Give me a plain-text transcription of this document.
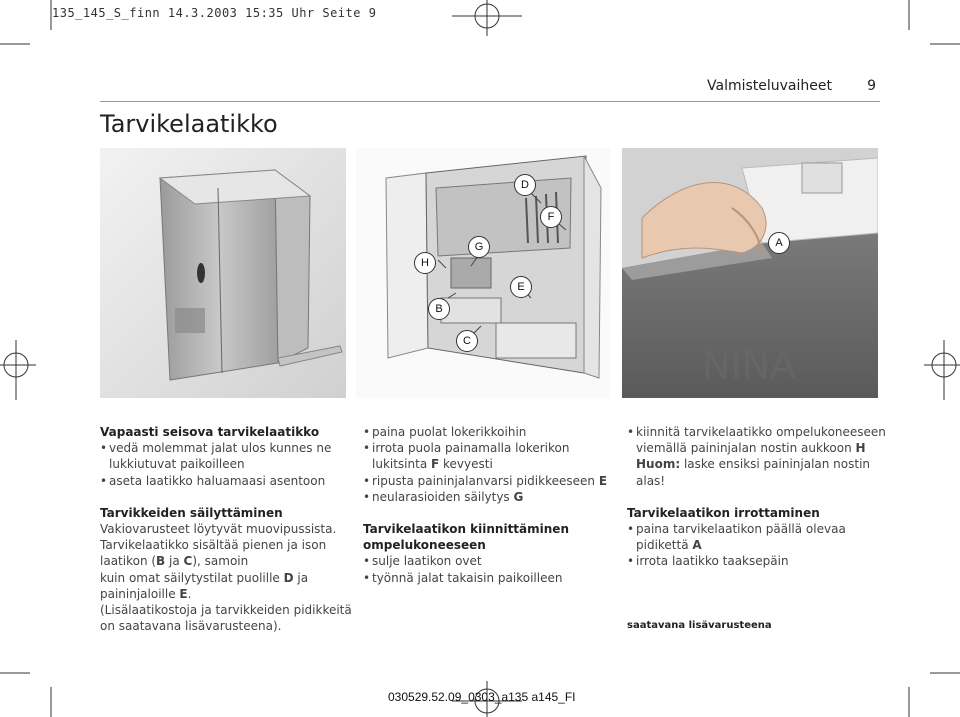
135_145_S_finn 14.3.2003 15:35 Uhr Seite 9
Valmisteluvaiheet	9
Tarvikelaatikko
D
F
G
H
E
B
C
NINA
A

Vapaasti seisova tarvikelaatikko

• vedä molemmat jalat ulos kunnes ne
lukkiutuvat paikoilleen

• aseta laatikko haluamaasi asentoon

Tarvikkeiden säilyttäminen

Vakiovarusteet löytyvät muovipussista.

Tarvikelaatikko sisältää pienen ja ison
laatikon (B ja C), samoin
kuin omat säilytystilat puolille D ja
paininjaloille E.

(Lisälaatikostoja ja tarvikkeiden pidikkeitä
on saatavana lisävarusteena).

• paina puolat lokerikkoihin

• irrota puola painamalla lokerikon
lukitsinta F kevyesti

• ripusta paininjalanvarsi pidikkeeseen E

• neularasioiden säilytys G

Tarvikelaatikon kiinnittäminen
ompelukoneeseen

• sulje laatikon ovet

• työnnä jalat takaisin paikoilleen

• kiinnitä tarvikelaatikko ompelukoneeseen
viemällä paininjalan nostin aukkoon H
Huom: laske ensiksi paininjalan nostin
alas!

Tarvikelaatikon irrottaminen

• paina tarvikelaatikon päällä olevaa
pidikettä A

• irrota laatikko taaksepäin

saatavana lisävarusteena

030529.52.09_0303_a135 a145_FI
